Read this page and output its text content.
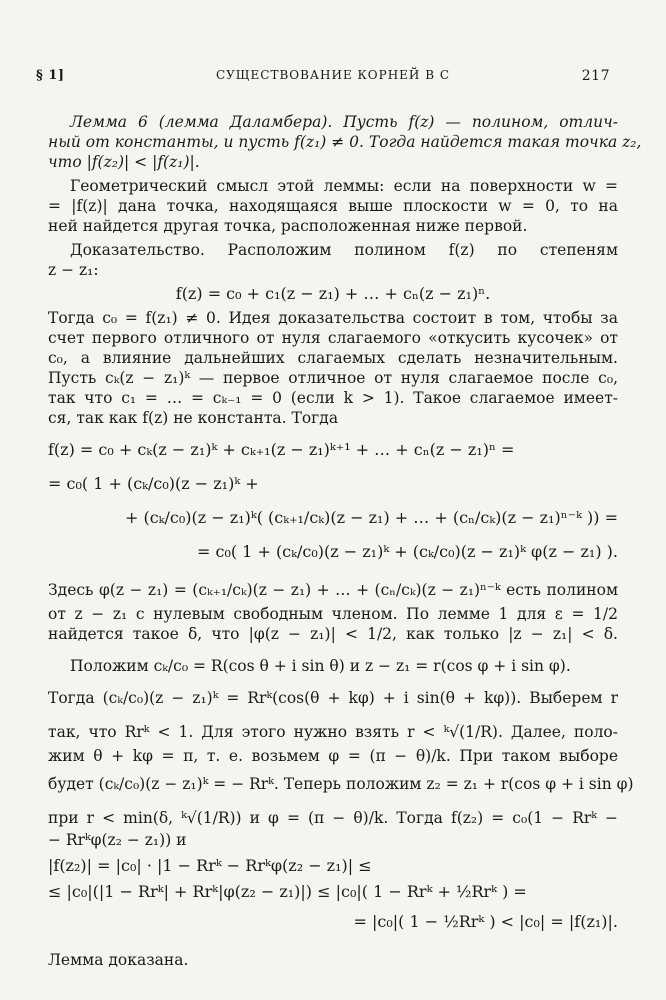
СУЩЕСТВОВАНИЕ КОРНЕЙ В C
§ 1]	217
Лемма 6 (лемма Даламбера). Пусть f(z) — полином, отлич-
ный от константы, и пусть f(z₁) ≠ 0. Тогда найдется такая точка z₂,
что |f(z₂)| < |f(z₁)|.
Геометрический смысл этой леммы: если на поверхности w =
= |f(z)| дана точка, находящаяся выше плоскости w = 0, то на
ней найдется другая точка, расположенная ниже первой.
Доказательство. Расположим полином f(z) по степеням
z − z₁:
f(z) = c₀ + c₁(z − z₁) + … + cₙ(z − z₁)ⁿ.
Тогда c₀ = f(z₁) ≠ 0. Идея доказательства состоит в том, чтобы за
счет первого отличного от нуля слагаемого «откусить кусочек» от
c₀, а влияние дальнейших слагаемых сделать незначительным.
Пусть cₖ(z − z₁)ᵏ — первое отличное от нуля слагаемое после c₀,
так что c₁ = … = cₖ₋₁ = 0 (если k > 1). Такое слагаемое имеет-
ся, так как f(z) не константа. Тогда
f(z) = c₀ + cₖ(z − z₁)ᵏ + cₖ₊₁(z − z₁)ᵏ⁺¹ + … + cₙ(z − z₁)ⁿ =
= c₀( 1 + (cₖ/c₀)(z − z₁)ᵏ +
+ (cₖ/c₀)(z − z₁)ᵏ( (cₖ₊₁/cₖ)(z − z₁) + … + (cₙ/cₖ)(z − z₁)ⁿ⁻ᵏ )) =
= c₀( 1 + (cₖ/c₀)(z − z₁)ᵏ + (cₖ/c₀)(z − z₁)ᵏ φ(z − z₁) ).
Здесь φ(z − z₁) = (cₖ₊₁/cₖ)(z − z₁) + … + (cₙ/cₖ)(z − z₁)ⁿ⁻ᵏ есть полином
от z − z₁ с нулевым свободным членом. По лемме 1 для ε = 1/2
найдется такое δ, что |φ(z − z₁)| < 1/2, как только |z − z₁| < δ.
Положим cₖ/c₀ = R(cos θ + i sin θ) и z − z₁ = r(cos φ + i sin φ).
Тогда (cₖ/c₀)(z − z₁)ᵏ = Rrᵏ(cos(θ + kφ) + i sin(θ + kφ)). Выберем r
так, что Rrᵏ < 1. Для этого нужно взять r < ᵏ√(1/R). Далее, поло-
жим θ + kφ = π, т. е. возьмем φ = (π − θ)/k. При таком выборе
будет (cₖ/c₀)(z − z₁)ᵏ = − Rrᵏ. Теперь положим z₂ = z₁ + r(cos φ + i sin φ)
при r < min(δ, ᵏ√(1/R)) и φ = (π − θ)/k. Тогда f(z₂) = c₀(1 − Rrᵏ −
− Rrᵏφ(z₂ − z₁)) и
|f(z₂)| = |c₀| · |1 − Rrᵏ − Rrᵏφ(z₂ − z₁)| ≤
≤ |c₀|(|1 − Rrᵏ| + Rrᵏ|φ(z₂ − z₁)|) ≤ |c₀|( 1 − Rrᵏ + ½Rrᵏ ) =
= |c₀|( 1 − ½Rrᵏ ) < |c₀| = |f(z₁)|.
Лемма доказана.
